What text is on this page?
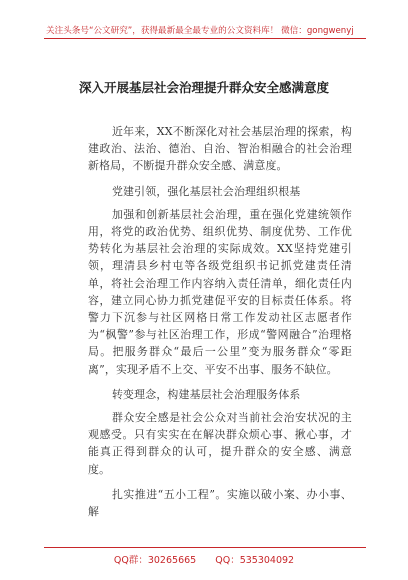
关注头条号“公文研究”，获得最新最全最专业的公文资料库！ 微信：gongwenyj
深入开展基层社会治理提升群众安全感满意度

近年来，XX不断深化对社会基层治理的探索，构建政治、法治、德治、自治、智治相融合的社会治理新格局，不断提升群众安全感、满意度。

党建引领，强化基层社会治理组织根基

加强和创新基层社会治理，重在强化党建统领作用，将党的政治优势、组织优势、制度优势、工作优势转化为基层社会治理的实际成效。XX坚持党建引领，理清县乡村屯等各级党组织书记抓党建责任清单，将社会治理工作内容纳入责任清单，细化责任内容，建立同心协力抓党建促平安的目标责任体系。将警力下沉参与社区网格日常工作发动社区志愿者作为“枫警”参与社区治理工作，形成“警网融合”治理格局。把服务群众“最后一公里”变为服务群众“零距离”，实现矛盾不上交、平安不出事、服务不缺位。

转变理念，构建基层社会治理服务体系

群众安全感是社会公众对当前社会治安状况的主观感受。只有实实在在解决群众烦心事、揪心事，才能真正得到群众的认可，提升群众的安全感、满意度。

扎实推进“五小工程”。实施以破小案、办小事、解

QQ群：30265665 QQ：535304092
